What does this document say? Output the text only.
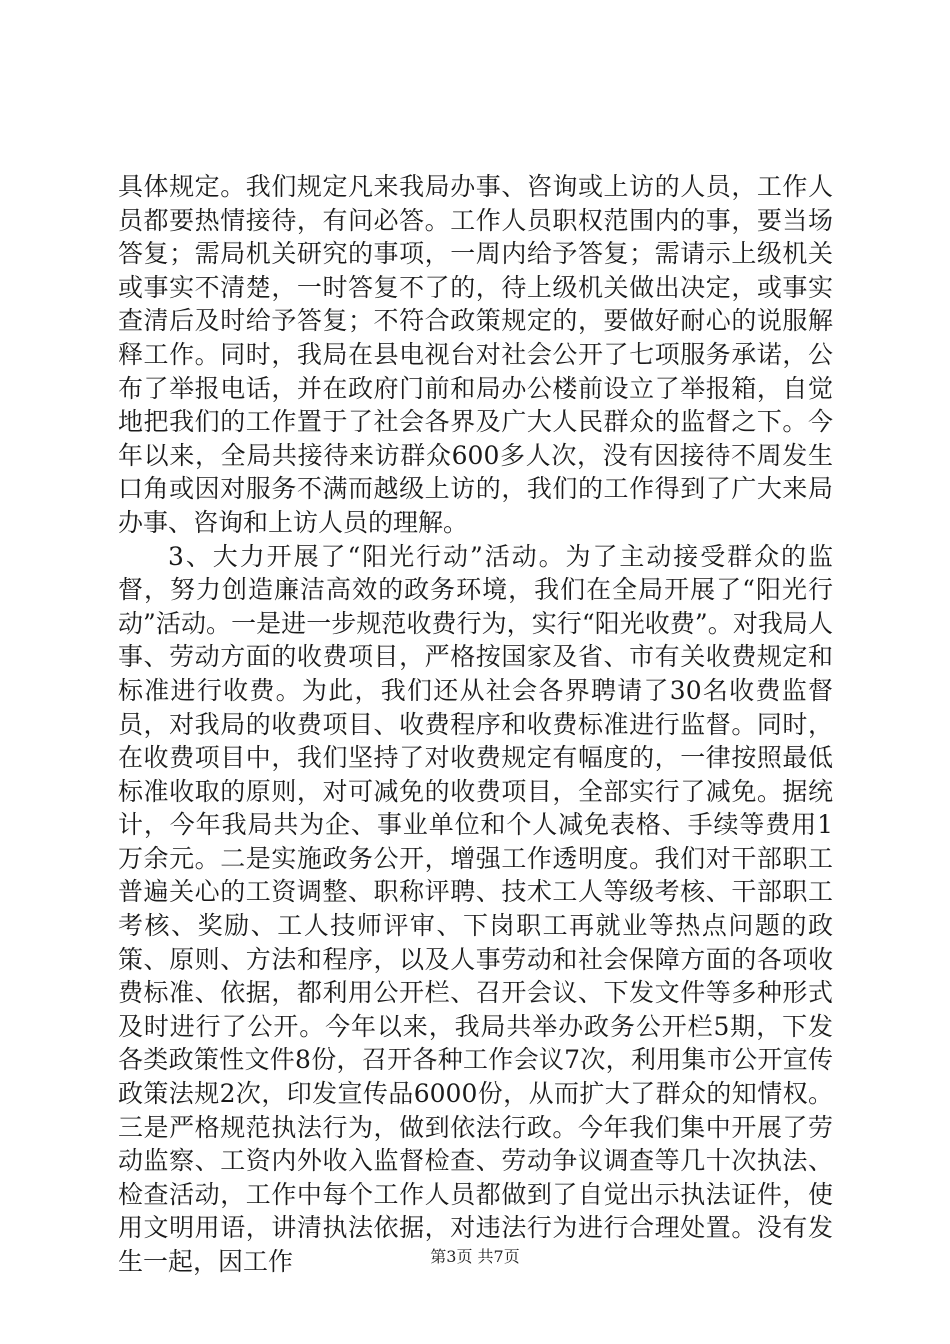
具体规定。我们规定凡来我局办事、咨询或上访的人员，工作人员都要热情接待，有问必答。工作人员职权范围内的事，要当场答复；需局机关研究的事项，一周内给予答复；需请示上级机关或事实不清楚，一时答复不了的，待上级机关做出决定，或事实查清后及时给予答复；不符合政策规定的，要做好耐心的说服解释工作。同时，我局在县电视台对社会公开了七项服务承诺，公布了举报电话，并在政府门前和局办公楼前设立了举报箱，自觉地把我们的工作置于了社会各界及广大人民群众的监督之下。今年以来，全局共接待来访群众600多人次，没有因接待不周发生口角或因对服务不满而越级上访的，我们的工作得到了广大来局办事、咨询和上访人员的理解。

3、大力开展了“阳光行动”活动。为了主动接受群众的监督，努力创造廉洁高效的政务环境，我们在全局开展了“阳光行动”活动。一是进一步规范收费行为，实行“阳光收费”。对我局人事、劳动方面的收费项目，严格按国家及省、市有关收费规定和标准进行收费。为此，我们还从社会各界聘请了30名收费监督员，对我局的收费项目、收费程序和收费标准进行监督。同时，在收费项目中，我们坚持了对收费规定有幅度的，一律按照最低标准收取的原则，对可减免的收费项目，全部实行了减免。据统计，今年我局共为企、事业单位和个人减免表格、手续等费用1万余元。二是实施政务公开，增强工作透明度。我们对干部职工普遍关心的工资调整、职称评聘、技术工人等级考核、干部职工考核、奖励、工人技师评审、下岗职工再就业等热点问题的政策、原则、方法和程序，以及人事劳动和社会保障方面的各项收费标准、依据，都利用公开栏、召开会议、下发文件等多种形式及时进行了公开。今年以来，我局共举办政务公开栏5期，下发各类政策性文件8份，召开各种工作会议7次，利用集市公开宣传政策法规2次，印发宣传品6000份，从而扩大了群众的知情权。三是严格规范执法行为，做到依法行政。今年我们集中开展了劳动监察、工资内外收入监督检查、劳动争议调查等几十次执法、检查活动，工作中每个工作人员都做到了自觉出示执法证件，使用文明用语，讲清执法依据，对违法行为进行合理处置。没有发生一起，因工作	第3页 共7页
